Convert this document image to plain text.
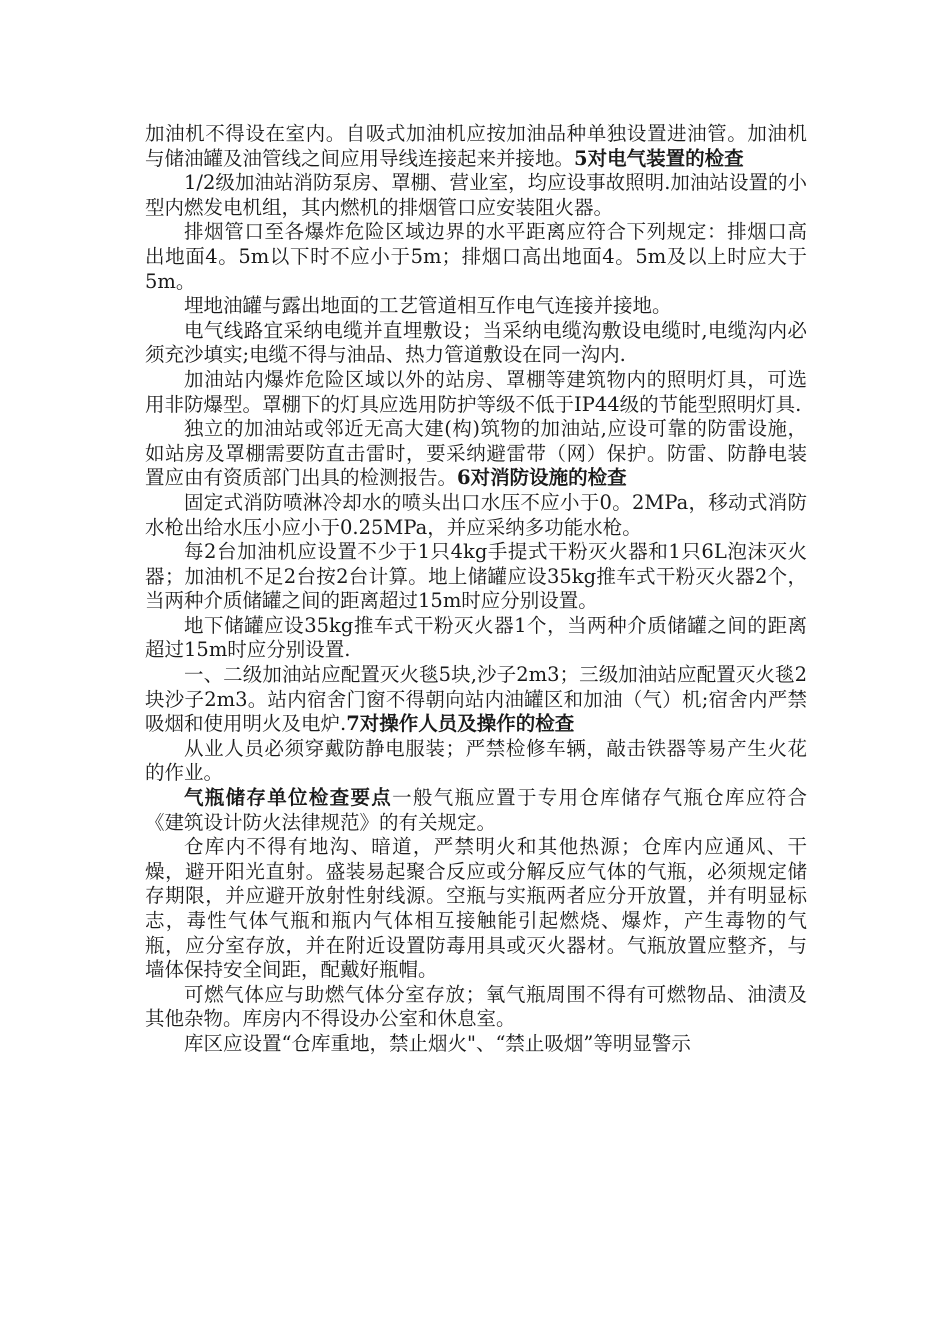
加油机不得设在室内。自吸式加油机应按加油品种单独设置进油管。加油机与储油罐及油管线之间应用导线连接起来并接地。5对电气装置的检查

1/2级加油站消防泵房、罩棚、营业室，均应设事故照明.加油站设置的小型内燃发电机组，其内燃机的排烟管口应安装阻火器。

排烟管口至各爆炸危险区域边界的水平距离应符合下列规定：排烟口高出地面4。5m以下时不应小于5m；排烟口高出地面4。5m及以上时应大于5m。

埋地油罐与露出地面的工艺管道相互作电气连接并接地。

电气线路宜采纳电缆并直埋敷设；当采纳电缆沟敷设电缆时,电缆沟内必须充沙填实;电缆不得与油品、热力管道敷设在同一沟内.

加油站内爆炸危险区域以外的站房、罩棚等建筑物内的照明灯具，可选用非防爆型。罩棚下的灯具应选用防护等级不低于IP44级的节能型照明灯具.

独立的加油站或邻近无高大建(构)筑物的加油站,应设可靠的防雷设施，如站房及罩棚需要防直击雷时，要采纳避雷带（网）保护。防雷、防静电装置应由有资质部门出具的检测报告。6对消防设施的检查

固定式消防喷淋冷却水的喷头出口水压不应小于0。2MPa，移动式消防水枪出给水压小应小于0.25MPa，并应采纳多功能水枪。

每2台加油机应设置不少于1只4kg手提式干粉灭火器和1只6L泡沫灭火器；加油机不足2台按2台计算。地上储罐应设35kg推车式干粉灭火器2个，当两种介质储罐之间的距离超过15m时应分别设置。

地下储罐应设35kg推车式干粉灭火器1个，当两种介质储罐之间的距离超过15m时应分别设置.

一、二级加油站应配置灭火毯5块,沙子2m3；三级加油站应配置灭火毯2块沙子2m3。站内宿舍门窗不得朝向站内油罐区和加油（气）机;宿舍内严禁吸烟和使用明火及电炉.7对操作人员及操作的检查

从业人员必须穿戴防静电服装；严禁检修车辆，敲击铁器等易产生火花的作业。

气瓶储存单位检查要点一般气瓶应置于专用仓库储存气瓶仓库应符合《建筑设计防火法律规范》的有关规定。

仓库内不得有地沟、暗道，严禁明火和其他热源；仓库内应通风、干燥，避开阳光直射。盛装易起聚合反应或分解反应气体的气瓶，必须规定储存期限，并应避开放射性射线源。空瓶与实瓶两者应分开放置，并有明显标志，毒性气体气瓶和瓶内气体相互接触能引起燃烧、爆炸，产生毒物的气瓶，应分室存放，并在附近设置防毒用具或灭火器材。气瓶放置应整齐，与墙体保持安全间距，配戴好瓶帽。

可燃气体应与助燃气体分室存放；氧气瓶周围不得有可燃物品、油渍及其他杂物。库房内不得设办公室和休息室。

库区应设置“仓库重地，禁止烟火"、“禁止吸烟”等明显警示
